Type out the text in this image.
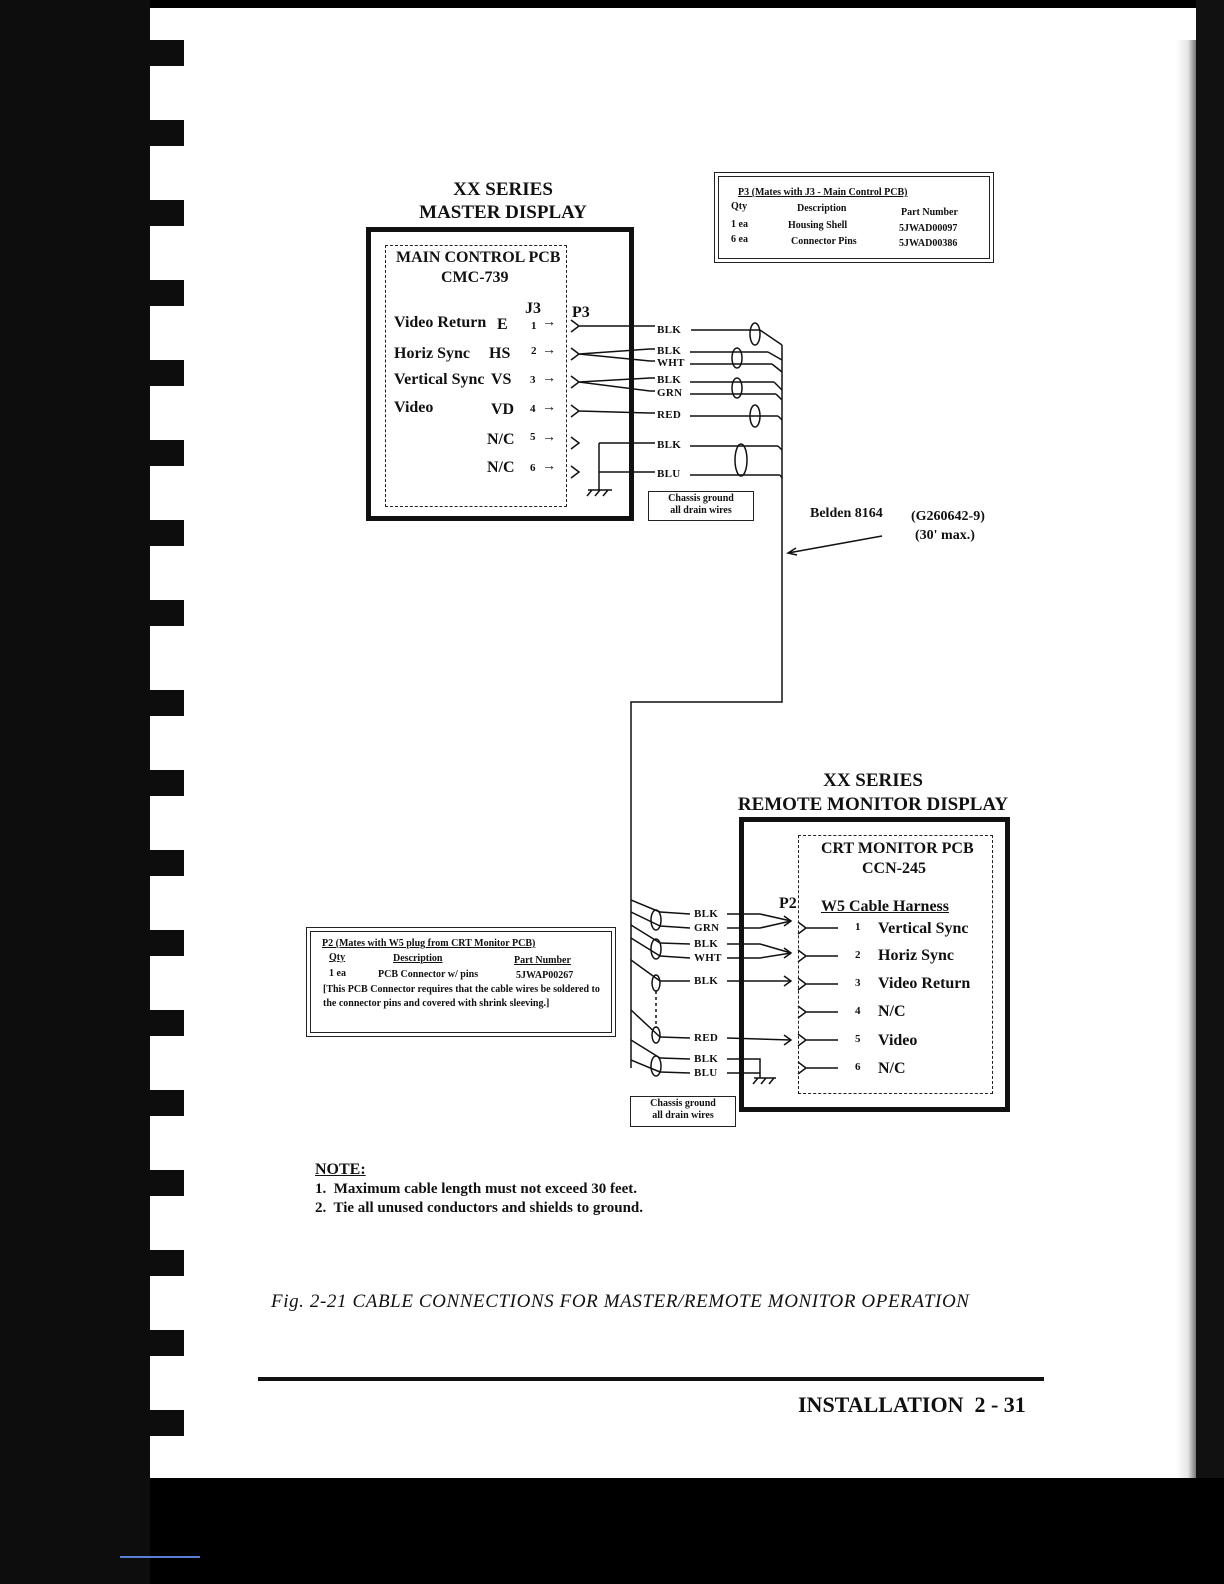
XX SERIES
MASTER DISPLAY
MAIN CONTROL PCB
CMC-739
J3 P3
Video Return E 1 →
Horiz Sync HS 2 →
Vertical Sync VS 3 →
Video	VD 4 →
N/C 5 →
N/C 6 →
BLK
BLK
WHT
BLK
GRN
RED
BLK
BLU
Chassis ground
all drain wires
P3 (Mates with J3 - Main Control PCB)
Qty	Description	Part Number
1 ea	Housing Shell	5JWAD00097
6 ea	Connector Pins	5JWAD00386
Belden 8164 (G260642-9)
(30' max.)
XX SERIES
REMOTE MONITOR DISPLAY
CRT MONITOR PCB
CCN-245
P2 W5 Cable Harness
1 Vertical Sync
2 Horiz Sync
3 Video Return
4 N/C
5 Video
6 N/C
BLK
GRN
BLK
WHT
BLK
RED
BLK
BLU
Chassis ground
all drain wires
P2 (Mates with W5 plug from CRT Monitor PCB)
Qty	Description	Part Number
1 ea	PCB Connector w/ pins	5JWAP00267
[This PCB Connector requires that the cable wires be soldered to the connector pins and covered with shrink sleeving.]
NOTE:
1.  Maximum cable length must not exceed 30 feet.
2.  Tie all unused conductors and shields to ground.
Fig. 2-21 CABLE CONNECTIONS FOR MASTER/REMOTE MONITOR OPERATION
INSTALLATION  2 - 31
